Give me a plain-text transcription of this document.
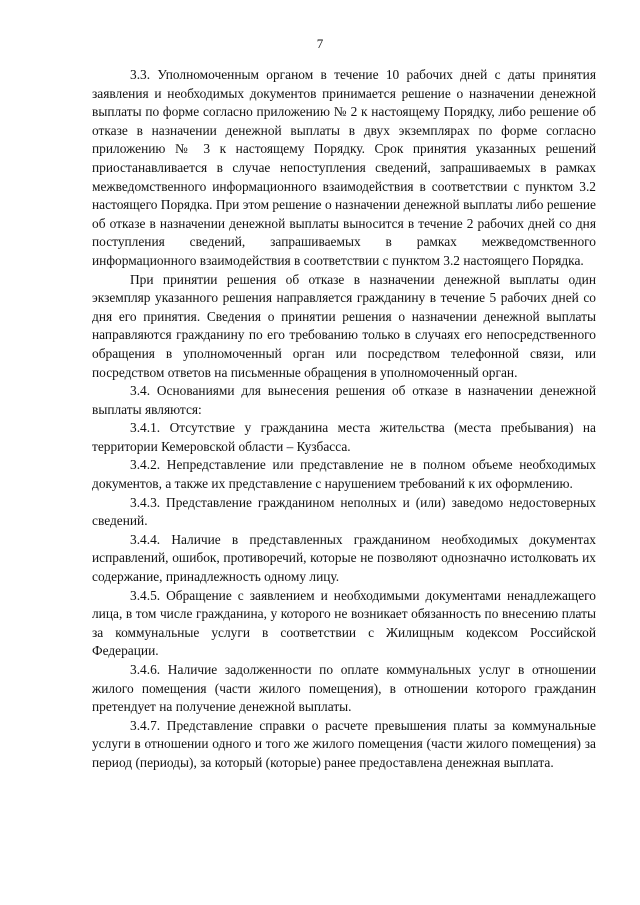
7

3.3. Уполномоченным органом в течение 10 рабочих дней с даты принятия заявления и необходимых документов принимается решение о назначении денежной выплаты по форме согласно приложению № 2 к настоящему Порядку, либо решение об отказе в назначении денежной выплаты в двух экземплярах по форме согласно приложению № 3 к настоящему Порядку. Срок принятия указанных решений приостанавливается в случае непоступления сведений, запрашиваемых в рамках межведомственного информационного взаимодействия в соответствии с пунктом 3.2 настоящего Порядка. При этом решение о назначении денежной выплаты либо решение об отказе в назначении денежной выплаты выносится в течение 2 рабочих дней со дня поступления сведений, запрашиваемых в рамках межведомственного информационного взаимодействия в соответствии с пунктом 3.2 настоящего Порядка.

При принятии решения об отказе в назначении денежной выплаты один экземпляр указанного решения направляется гражданину в течение 5 рабочих дней со дня его принятия. Сведения о принятии решения о назначении денежной выплаты направляются гражданину по его требованию только в случаях его непосредственного обращения в уполномоченный орган или посредством телефонной связи, или посредством ответов на письменные обращения в уполномоченный орган.

3.4. Основаниями для вынесения решения об отказе в назначении денежной выплаты являются:

3.4.1. Отсутствие у гражданина места жительства (места пребывания) на территории Кемеровской области – Кузбасса.

3.4.2. Непредставление или представление не в полном объеме необходимых документов, а также их представление с нарушением требований к их оформлению.

3.4.3. Представление гражданином неполных и (или) заведомо недостоверных сведений.

3.4.4. Наличие в представленных гражданином необходимых документах исправлений, ошибок, противоречий, которые не позволяют однозначно истолковать их содержание, принадлежность одному лицу.

3.4.5. Обращение с заявлением и необходимыми документами ненадлежащего лица, в том числе гражданина, у которого не возникает обязанность по внесению платы за коммунальные услуги в соответствии с Жилищным кодексом Российской Федерации.

3.4.6. Наличие задолженности по оплате коммунальных услуг в отношении жилого помещения (части жилого помещения), в отношении которого гражданин претендует на получение денежной выплаты.

3.4.7. Представление справки о расчете превышения платы за коммунальные услуги в отношении одного и того же жилого помещения (части жилого помещения) за период (периоды), за который (которые) ранее предоставлена денежная выплата.
